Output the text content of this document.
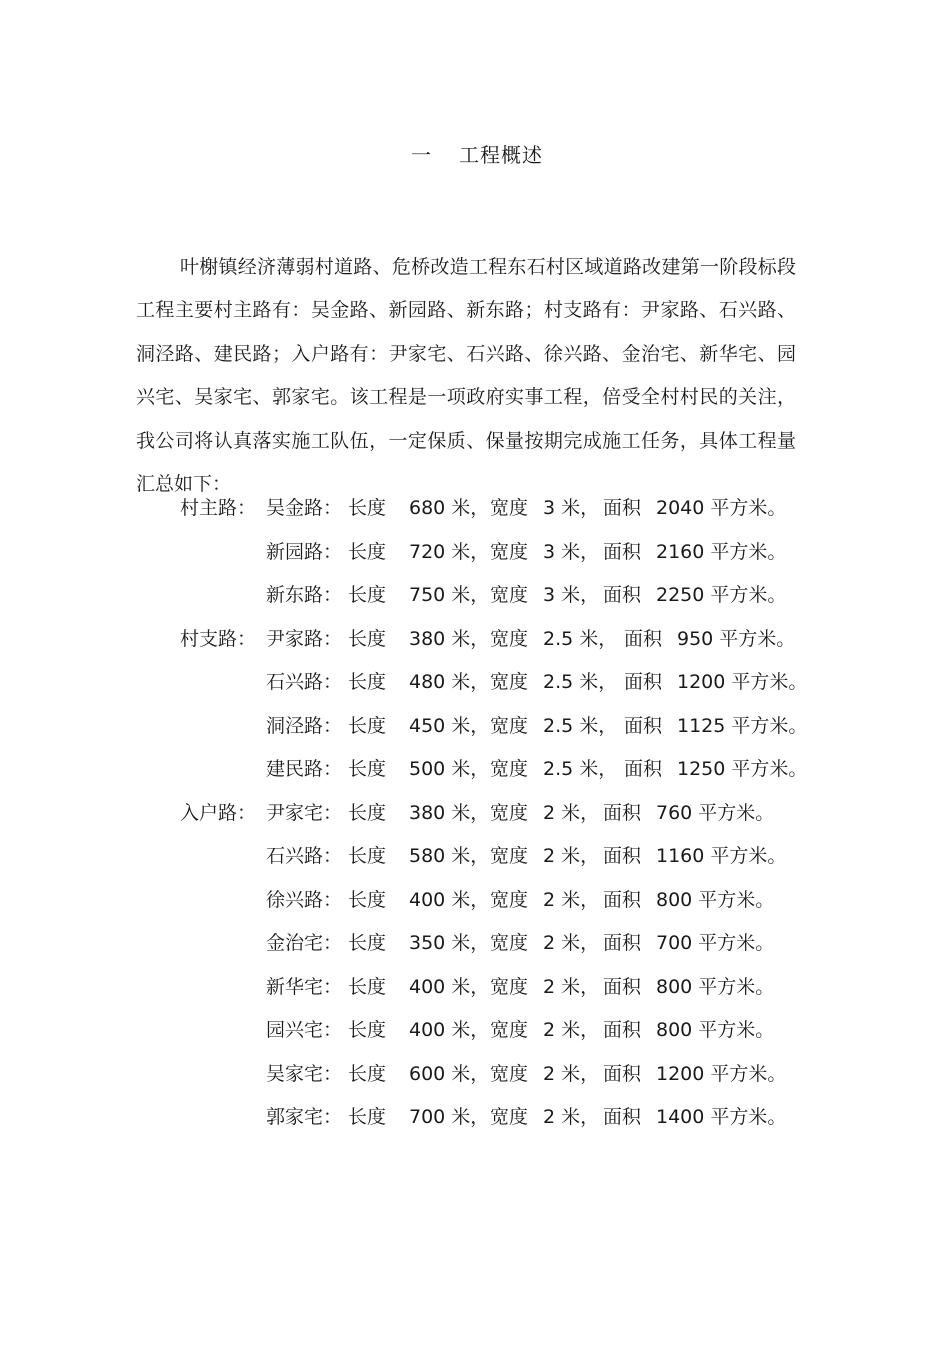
一 工程概述

叶榭镇经济薄弱村道路、危桥改造工程东石村区域道路改建第一阶段标段工程主要村主路有：吴金路、新园路、新东路；村支路有：尹家路、石兴路、洞泾路、建民路；入户路有：尹家宅、石兴路、徐兴路、金治宅、新华宅、园兴宅、吴家宅、郭家宅。该工程是一项政府实事工程，倍受全村村民的关注，我公司将认真落实施工队伍，一定保质、保量按期完成施工任务，具体工程量汇总如下：

村主路： 吴金路： 长度 680 米， 宽度 3 米， 面积 2040 平方米。
新园路： 长度 720 米， 宽度 3 米， 面积 2160 平方米。
新东路： 长度 750 米， 宽度 3 米， 面积 2250 平方米。
村支路： 尹家路： 长度 380 米， 宽度 2.5 米， 面积 950 平方米。
石兴路： 长度 480 米， 宽度 2.5 米， 面积 1200 平方米。
洞泾路： 长度 450 米， 宽度 2.5 米， 面积 1125 平方米。
建民路： 长度 500 米， 宽度 2.5 米， 面积 1250 平方米。
入户路： 尹家宅： 长度 380 米， 宽度 2 米， 面积 760 平方米。
石兴路： 长度 580 米， 宽度 2 米， 面积 1160 平方米。
徐兴路： 长度 400 米， 宽度 2 米， 面积 800 平方米。
金治宅： 长度 350 米， 宽度 2 米， 面积 700 平方米。
新华宅： 长度 400 米， 宽度 2 米， 面积 800 平方米。
园兴宅： 长度 400 米， 宽度 2 米， 面积 800 平方米。
吴家宅： 长度 600 米， 宽度 2 米， 面积 1200 平方米。
郭家宅： 长度 700 米， 宽度 2 米， 面积 1400 平方米。
